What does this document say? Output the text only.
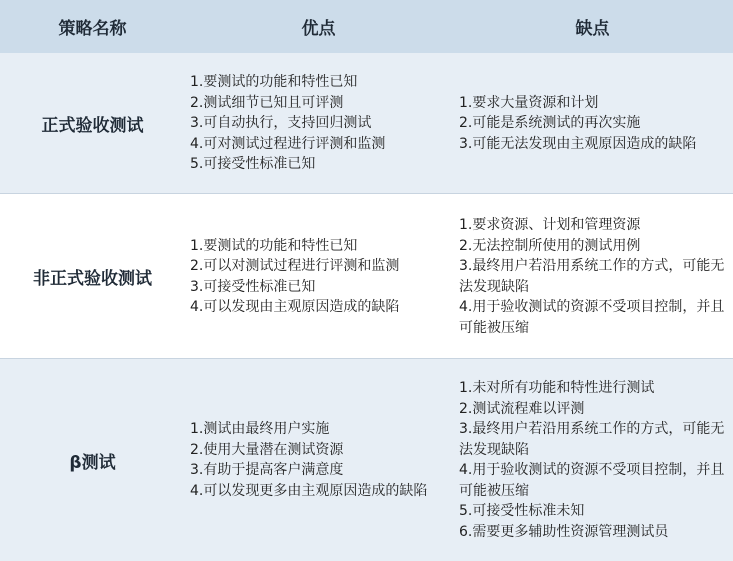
策略名称	优点	缺点
正式验收测试
1.要测试的功能和特性已知
2.测试细节已知且可评测
3.可自动执行，支持回归测试
4.可对测试过程进行评测和监测
5.可接受性标准已知
1.要求大量资源和计划
2.可能是系统测试的再次实施
3.可能无法发现由主观原因造成的缺陷
非正式验收测试
1.要测试的功能和特性已知
2.可以对测试过程进行评测和监测
3.可接受性标准已知
4.可以发现由主观原因造成的缺陷
1.要求资源、计划和管理资源
2.无法控制所使用的测试用例
3.最终用户若沿用系统工作的方式，可能无法发现缺陷
4.用于验收测试的资源不受项目控制，并且可能被压缩
β测试
1.测试由最终用户实施
2.使用大量潜在测试资源
3.有助于提高客户满意度
4.可以发现更多由主观原因造成的缺陷
1.未对所有功能和特性进行测试
2.测试流程难以评测
3.最终用户若沿用系统工作的方式，可能无法发现缺陷
4.用于验收测试的资源不受项目控制，并且可能被压缩
5.可接受性标准未知
6.需要更多辅助性资源管理测试员
